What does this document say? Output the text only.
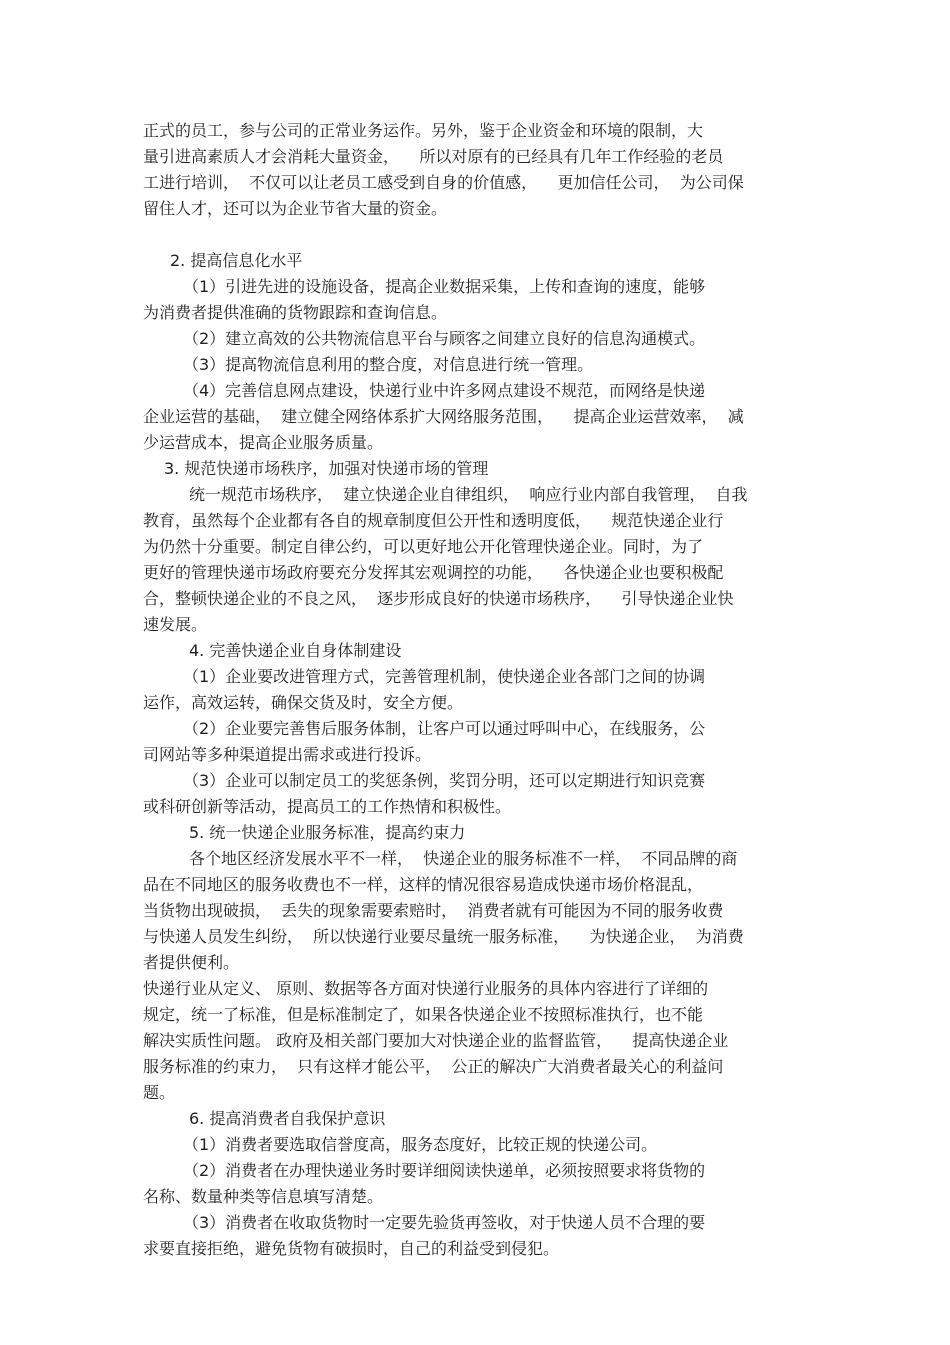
正式的员工，参与公司的正常业务运作。另外，鉴于企业资金和环境的限制，大
量引进高素质人才会消耗大量资金，    所以对原有的已经具有几年工作经验的老员
工进行培训，  不仅可以让老员工感受到自身的价值感，    更加信任公司，  为公司保
留住人才，还可以为企业节省大量的资金。
2. 提高信息化水平
（1）引进先进的设施设备，提高企业数据采集，上传和查询的速度，能够
为消费者提供准确的货物跟踪和查询信息。
（2）建立高效的公共物流信息平台与顾客之间建立良好的信息沟通模式。
（3）提高物流信息利用的整合度，对信息进行统一管理。
（4）完善信息网点建设，快递行业中许多网点建设不规范，而网络是快递
企业运营的基础，  建立健全网络体系扩大网络服务范围，    提高企业运营效率，  减
少运营成本，提高企业服务质量。
3. 规范快递市场秩序，加强对快递市场的管理
统一规范市场秩序，  建立快递企业自律组织，  响应行业内部自我管理，  自我
教育，虽然每个企业都有各自的规章制度但公开性和透明度低，    规范快递企业行
为仍然十分重要。制定自律公约，可以更好地公开化管理快递企业。同时，为了
更好的管理快递市场政府要充分发挥其宏观调控的功能，    各快递企业也要积极配
合，整顿快递企业的不良之风，  逐步形成良好的快递市场秩序，    引导快递企业快
速发展。
4. 完善快递企业自身体制建设
（1）企业要改进管理方式，完善管理机制，使快递企业各部门之间的协调
运作，高效运转，确保交货及时，安全方便。
（2）企业要完善售后服务体制，让客户可以通过呼叫中心，在线服务，公
司网站等多种渠道提出需求或进行投诉。
（3）企业可以制定员工的奖惩条例，奖罚分明，还可以定期进行知识竞赛
或科研创新等活动，提高员工的工作热情和积极性。
5. 统一快递企业服务标准，提高约束力
各个地区经济发展水平不一样，  快递企业的服务标准不一样，  不同品牌的商
品在不同地区的服务收费也不一样，这样的情况很容易造成快递市场价格混乱，
当货物出现破损，  丢失的现象需要索赔时，  消费者就有可能因为不同的服务收费
与快递人员发生纠纷，  所以快递行业要尽量统一服务标准，    为快递企业，  为消费
者提供便利。
快递行业从定义、 原则、数据等各方面对快递行业服务的具体内容进行了详细的
规定，统一了标准，但是标准制定了，如果各快递企业不按照标准执行，也不能
解决实质性问题。 政府及相关部门要加大对快递企业的监督监管，    提高快递企业
服务标准的约束力，  只有这样才能公平，  公正的解决广大消费者最关心的利益问
题。
6. 提高消费者自我保护意识
（1）消费者要选取信誉度高，服务态度好，比较正规的快递公司。
（2）消费者在办理快递业务时要详细阅读快递单，必须按照要求将货物的
名称、数量种类等信息填写清楚。
（3）消费者在收取货物时一定要先验货再签收，对于快递人员不合理的要
求要直接拒绝，避免货物有破损时，自己的利益受到侵犯。
